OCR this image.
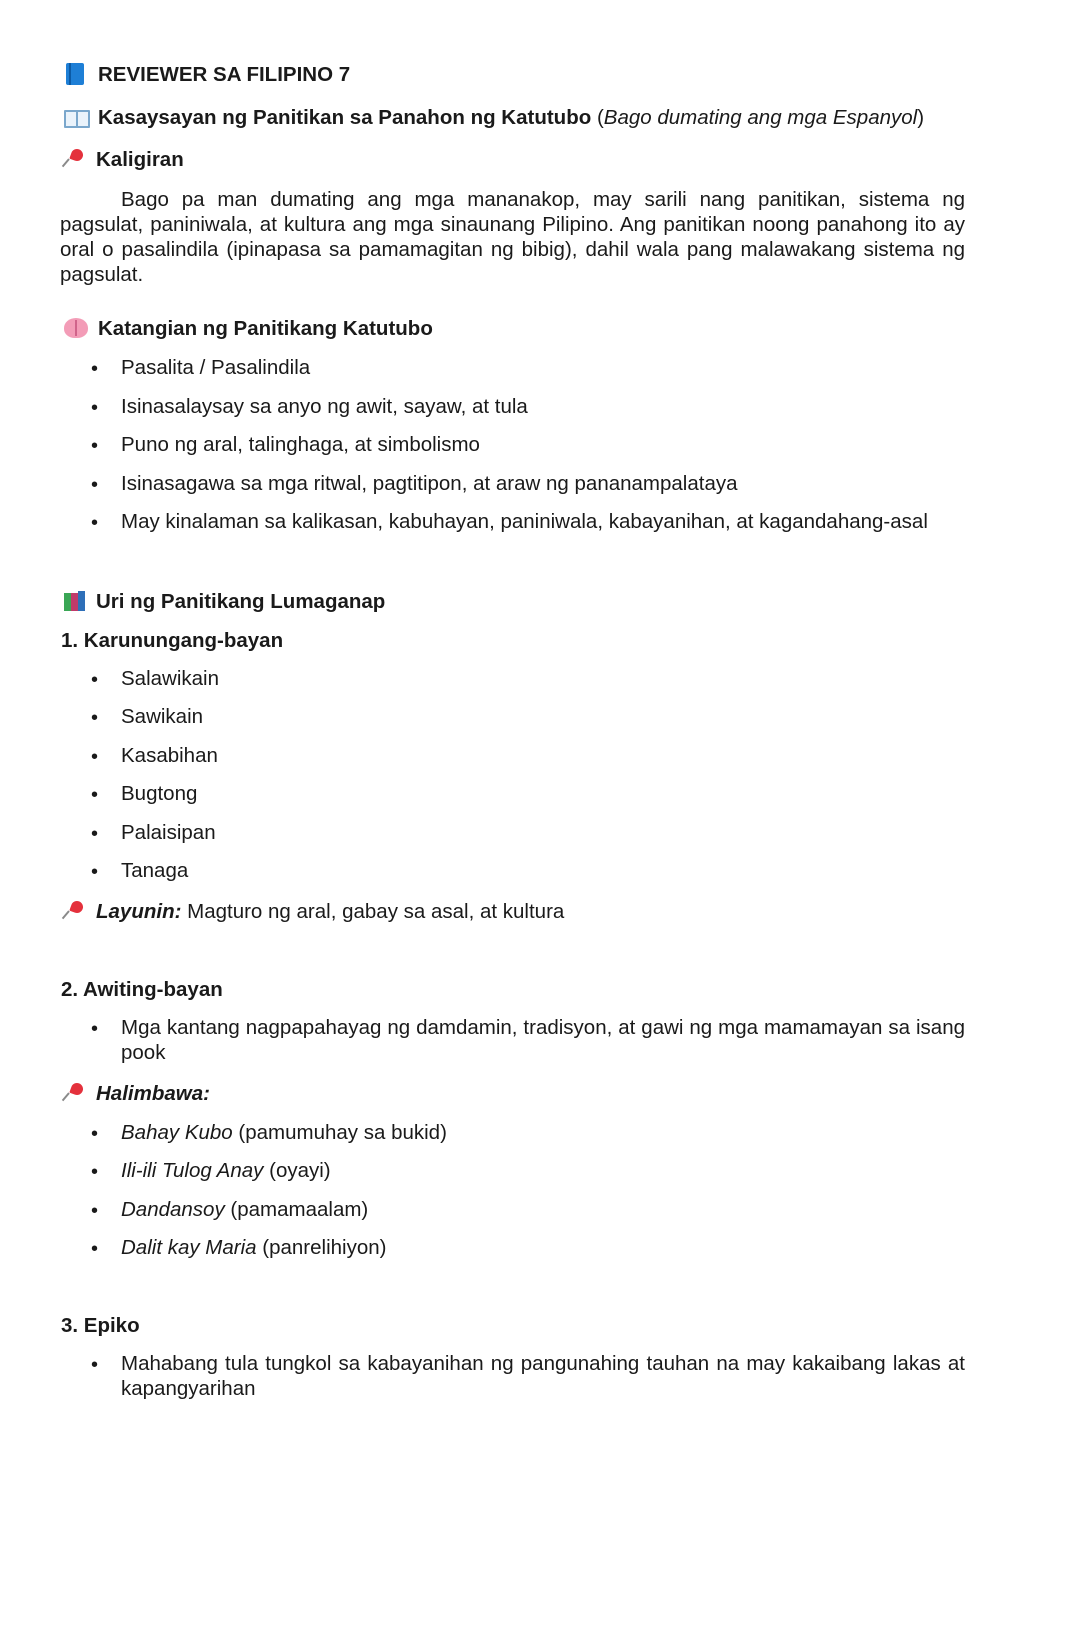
REVIEWER SA FILIPINO 7
Kasaysayan ng Panitikan sa Panahon ng Katutubo (Bago dumating ang mga Espanyol)
Kaligiran
Bago pa man dumating ang mga mananakop, may sarili nang panitikan, sistema ng pagsulat, paniniwala, at kultura ang mga sinaunang Pilipino. Ang panitikan noong panahong ito ay oral o pasalindila (ipinapasa sa pamamagitan ng bibig), dahil wala pang malawakang sistema ng pagsulat.
Katangian ng Panitikang Katutubo
• Pasalita / Pasalindila
• Isinasalaysay sa anyo ng awit, sayaw, at tula
• Puno ng aral, talinghaga, at simbolismo
• Isinasagawa sa mga ritwal, pagtitipon, at araw ng pananampalataya
• May kinalaman sa kalikasan, kabuhayan, paniniwala, kabayanihan, at kagandahang-asal
Uri ng Panitikang Lumaganap
1. Karunungang-bayan
• Salawikain
• Sawikain
• Kasabihan
• Bugtong
• Palaisipan
• Tanaga
Layunin: Magturo ng aral, gabay sa asal, at kultura
2. Awiting-bayan
• Mga kantang nagpapahayag ng damdamin, tradisyon, at gawi ng mga mamamayan sa isang pook
Halimbawa:
• Bahay Kubo (pamumuhay sa bukid)
• Ili-ili Tulog Anay (oyayi)
• Dandansoy (pamamaalam)
• Dalit kay Maria (panrelihiyon)
3. Epiko
• Mahabang tula tungkol sa kabayanihan ng pangunahing tauhan na may kakaibang lakas at kapangyarihan
